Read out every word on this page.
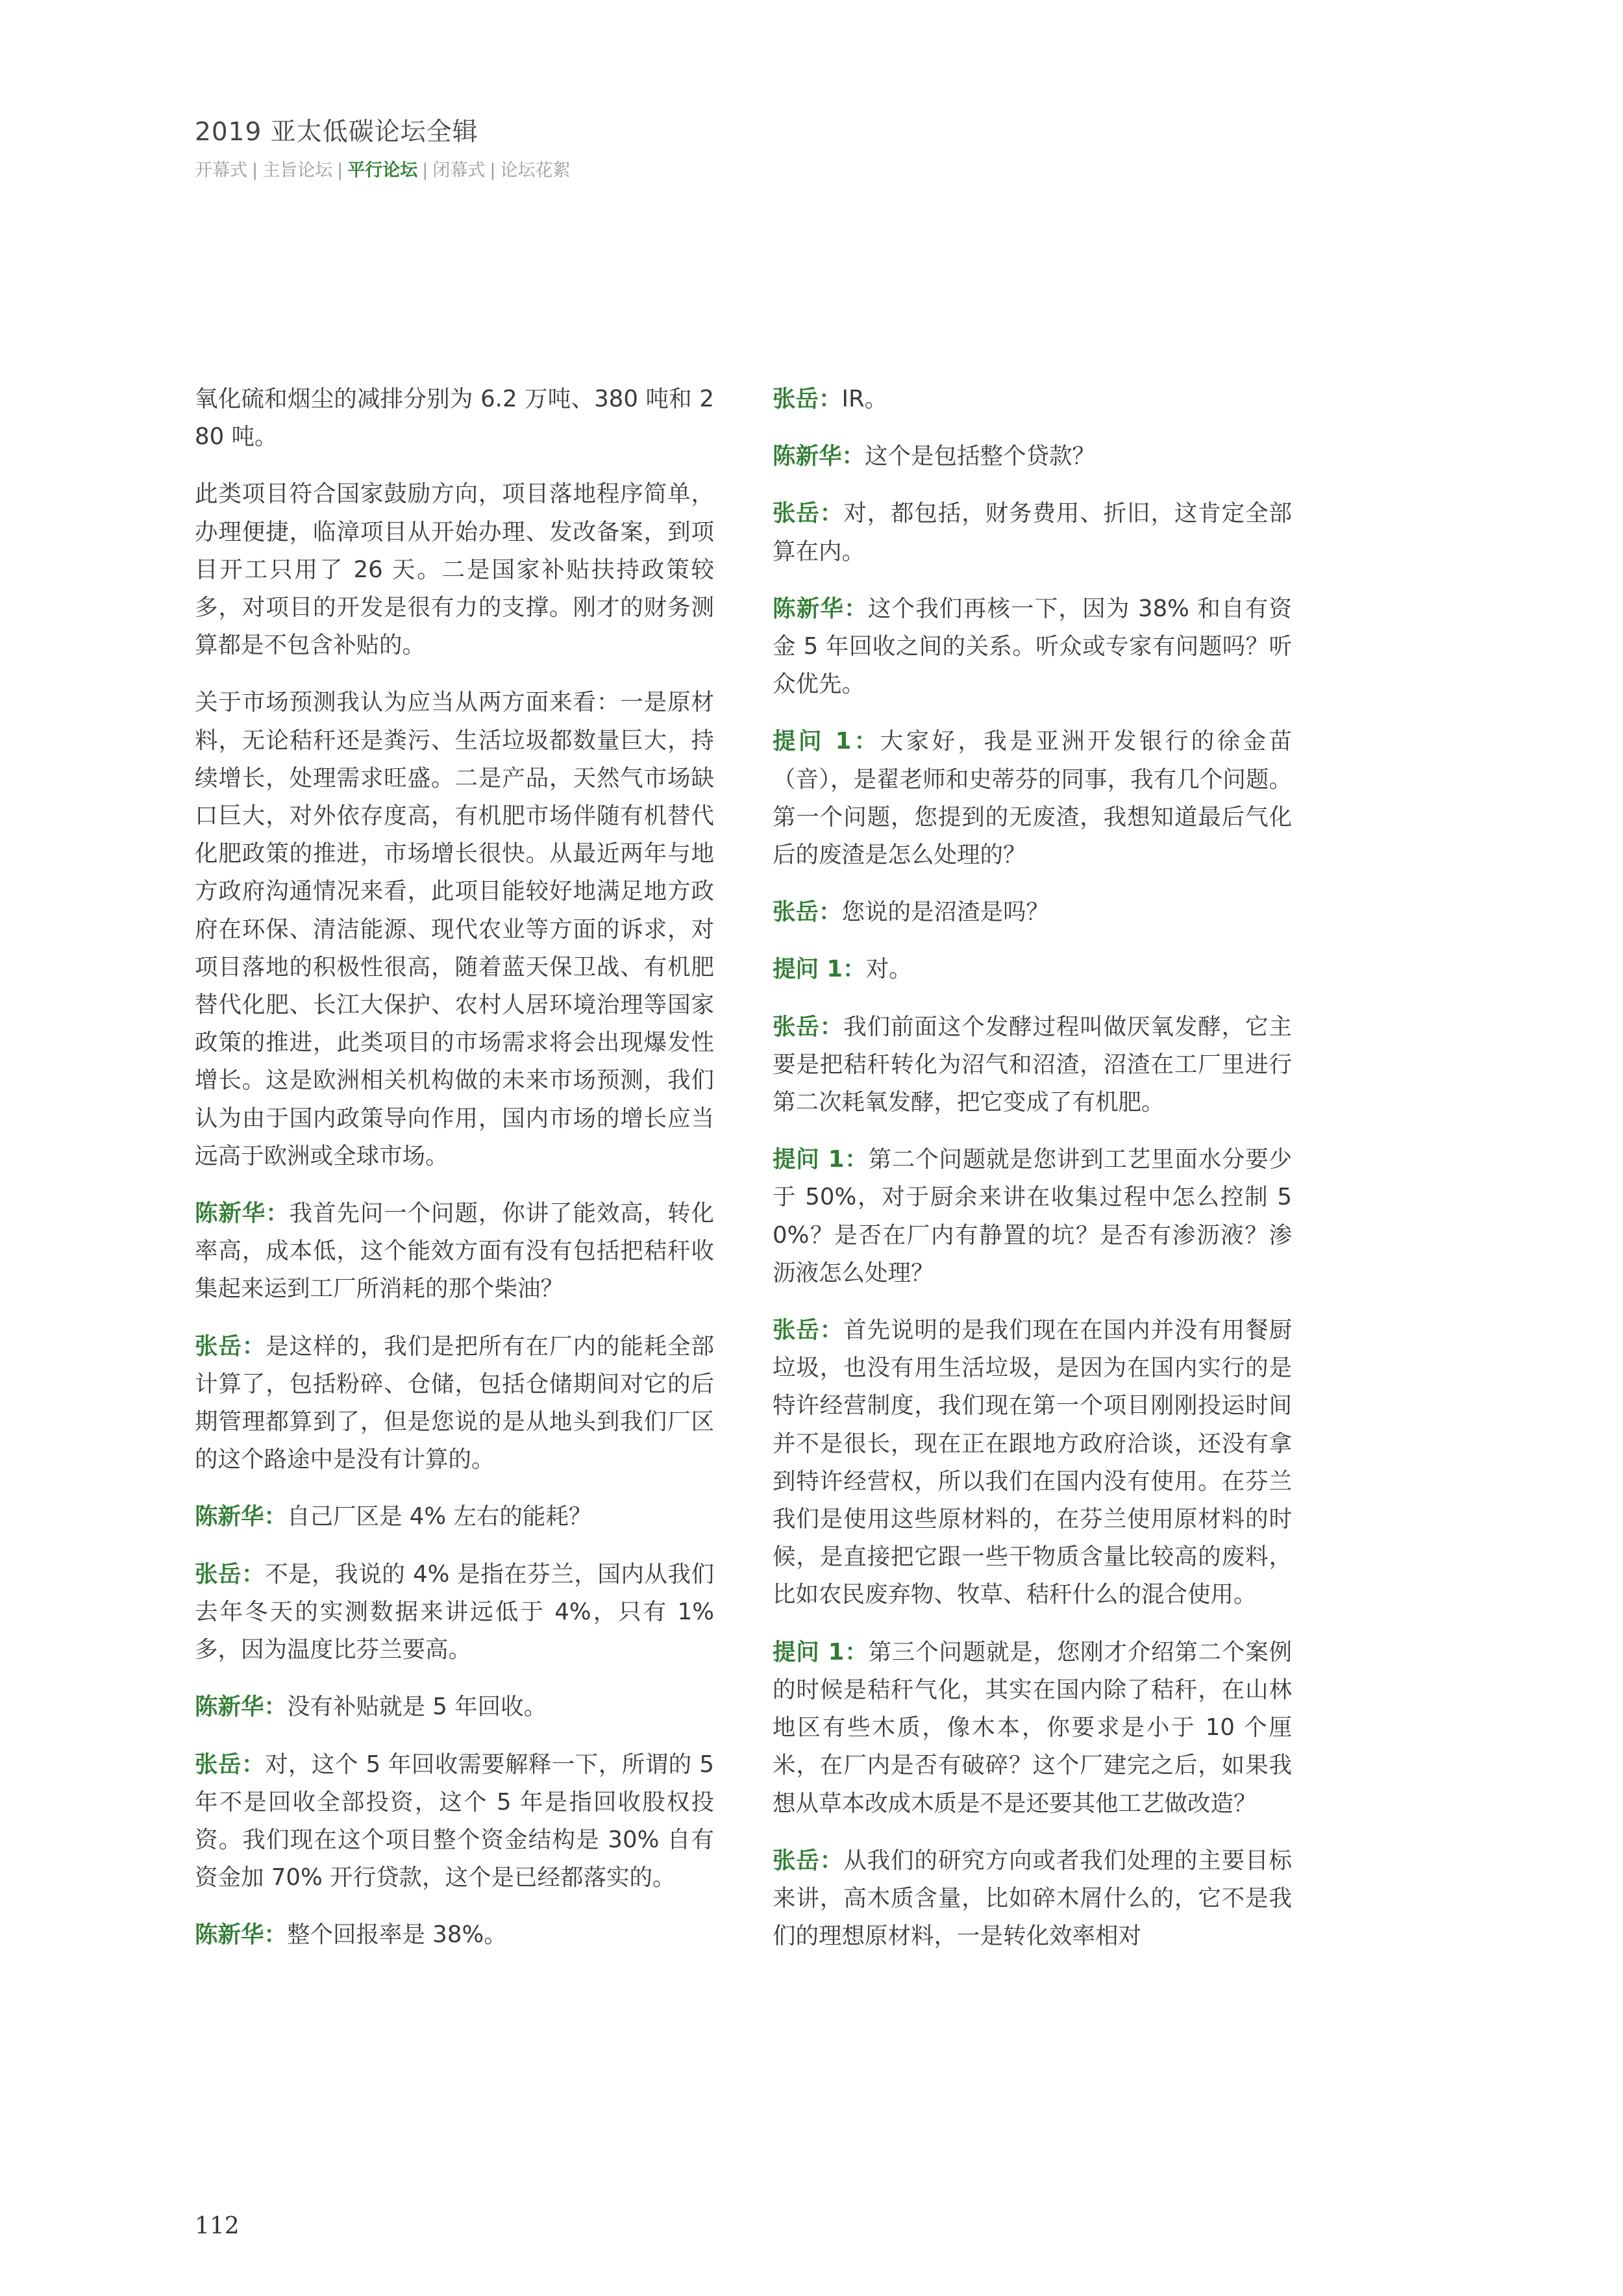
2019 亚太低碳论坛全辑
开幕式 | 主旨论坛 | 平行论坛 | 闭幕式 | 论坛花絮

氧化硫和烟尘的减排分别为 6.2 万吨、380 吨和 280 吨。

此类项目符合国家鼓励方向，项目落地程序简单，办理便捷，临漳项目从开始办理、发改备案，到项目开工只用了 26 天。二是国家补贴扶持政策较多，对项目的开发是很有力的支撑。刚才的财务测算都是不包含补贴的。

关于市场预测我认为应当从两方面来看：一是原材料，无论秸秆还是粪污、生活垃圾都数量巨大，持续增长，处理需求旺盛。二是产品，天然气市场缺口巨大，对外依存度高，有机肥市场伴随有机替代化肥政策的推进，市场增长很快。从最近两年与地方政府沟通情况来看，此项目能较好地满足地方政府在环保、清洁能源、现代农业等方面的诉求，对项目落地的积极性很高，随着蓝天保卫战、有机肥替代化肥、长江大保护、农村人居环境治理等国家政策的推进，此类项目的市场需求将会出现爆发性增长。这是欧洲相关机构做的未来市场预测，我们认为由于国内政策导向作用，国内市场的增长应当远高于欧洲或全球市场。

陈新华：我首先问一个问题，你讲了能效高，转化率高，成本低，这个能效方面有没有包括把秸秆收集起来运到工厂所消耗的那个柴油？

张岳：是这样的，我们是把所有在厂内的能耗全部计算了，包括粉碎、仓储，包括仓储期间对它的后期管理都算到了，但是您说的是从地头到我们厂区的这个路途中是没有计算的。

陈新华：自己厂区是 4% 左右的能耗？

张岳：不是，我说的 4% 是指在芬兰，国内从我们去年冬天的实测数据来讲远低于 4%，只有 1% 多，因为温度比芬兰要高。

陈新华：没有补贴就是 5 年回收。

张岳：对，这个 5 年回收需要解释一下，所谓的 5 年不是回收全部投资，这个 5 年是指回收股权投资。我们现在这个项目整个资金结构是 30% 自有资金加 70% 开行贷款，这个是已经都落实的。

陈新华：整个回报率是 38%。

张岳：IR。

陈新华：这个是包括整个贷款？

张岳：对，都包括，财务费用、折旧，这肯定全部算在内。

陈新华：这个我们再核一下，因为 38% 和自有资金 5 年回收之间的关系。听众或专家有问题吗？听众优先。

提问 1：大家好，我是亚洲开发银行的徐金苗（音），是翟老师和史蒂芬的同事，我有几个问题。第一个问题，您提到的无废渣，我想知道最后气化后的废渣是怎么处理的？

张岳：您说的是沼渣是吗？

提问 1：对。

张岳：我们前面这个发酵过程叫做厌氧发酵，它主要是把秸秆转化为沼气和沼渣，沼渣在工厂里进行第二次耗氧发酵，把它变成了有机肥。

提问 1：第二个问题就是您讲到工艺里面水分要少于 50%，对于厨余来讲在收集过程中怎么控制 50%？是否在厂内有静置的坑？是否有渗沥液？渗沥液怎么处理？

张岳：首先说明的是我们现在在国内并没有用餐厨垃圾，也没有用生活垃圾，是因为在国内实行的是特许经营制度，我们现在第一个项目刚刚投运时间并不是很长，现在正在跟地方政府洽谈，还没有拿到特许经营权，所以我们在国内没有使用。在芬兰我们是使用这些原材料的，在芬兰使用原材料的时候，是直接把它跟一些干物质含量比较高的废料，比如农民废弃物、牧草、秸秆什么的混合使用。

提问 1：第三个问题就是，您刚才介绍第二个案例的时候是秸秆气化，其实在国内除了秸秆，在山林地区有些木质，像木本，你要求是小于 10 个厘米，在厂内是否有破碎？这个厂建完之后，如果我想从草本改成木质是不是还要其他工艺做改造？

张岳：从我们的研究方向或者我们处理的主要目标来讲，高木质含量，比如碎木屑什么的，它不是我们的理想原材料，一是转化效率相对

112
